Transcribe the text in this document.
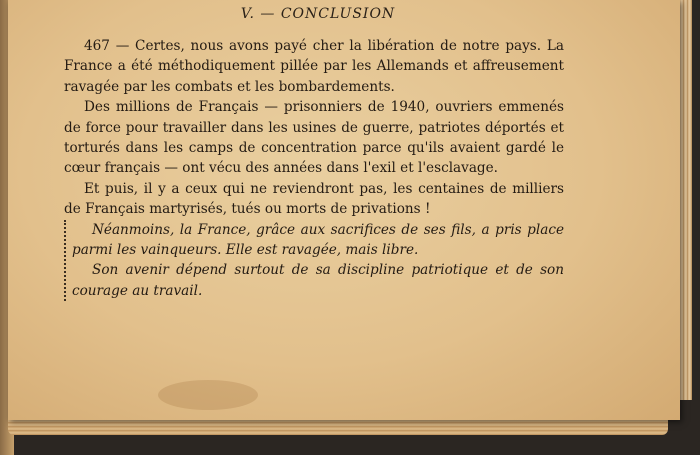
V. — CONCLUSION

467 — Certes, nous avons payé cher la libération de notre pays. La France a été méthodiquement pillée par les Allemands et affreusement ravagée par les combats et les bombardements.

Des millions de Français — prisonniers de 1940, ouvriers emmenés de force pour travailler dans les usines de guerre, patriotes déportés et torturés dans les camps de concentration parce qu'ils avaient gardé le cœur français — ont vécu des années dans l'exil et l'esclavage.

Et puis, il y a ceux qui ne reviendront pas, les centaines de milliers de Français martyrisés, tués ou morts de privations !

Néanmoins, la France, grâce aux sacrifices de ses fils, a pris place parmi les vainqueurs. Elle est ravagée, mais libre.

Son avenir dépend surtout de sa discipline patriotique et de son courage au travail.
